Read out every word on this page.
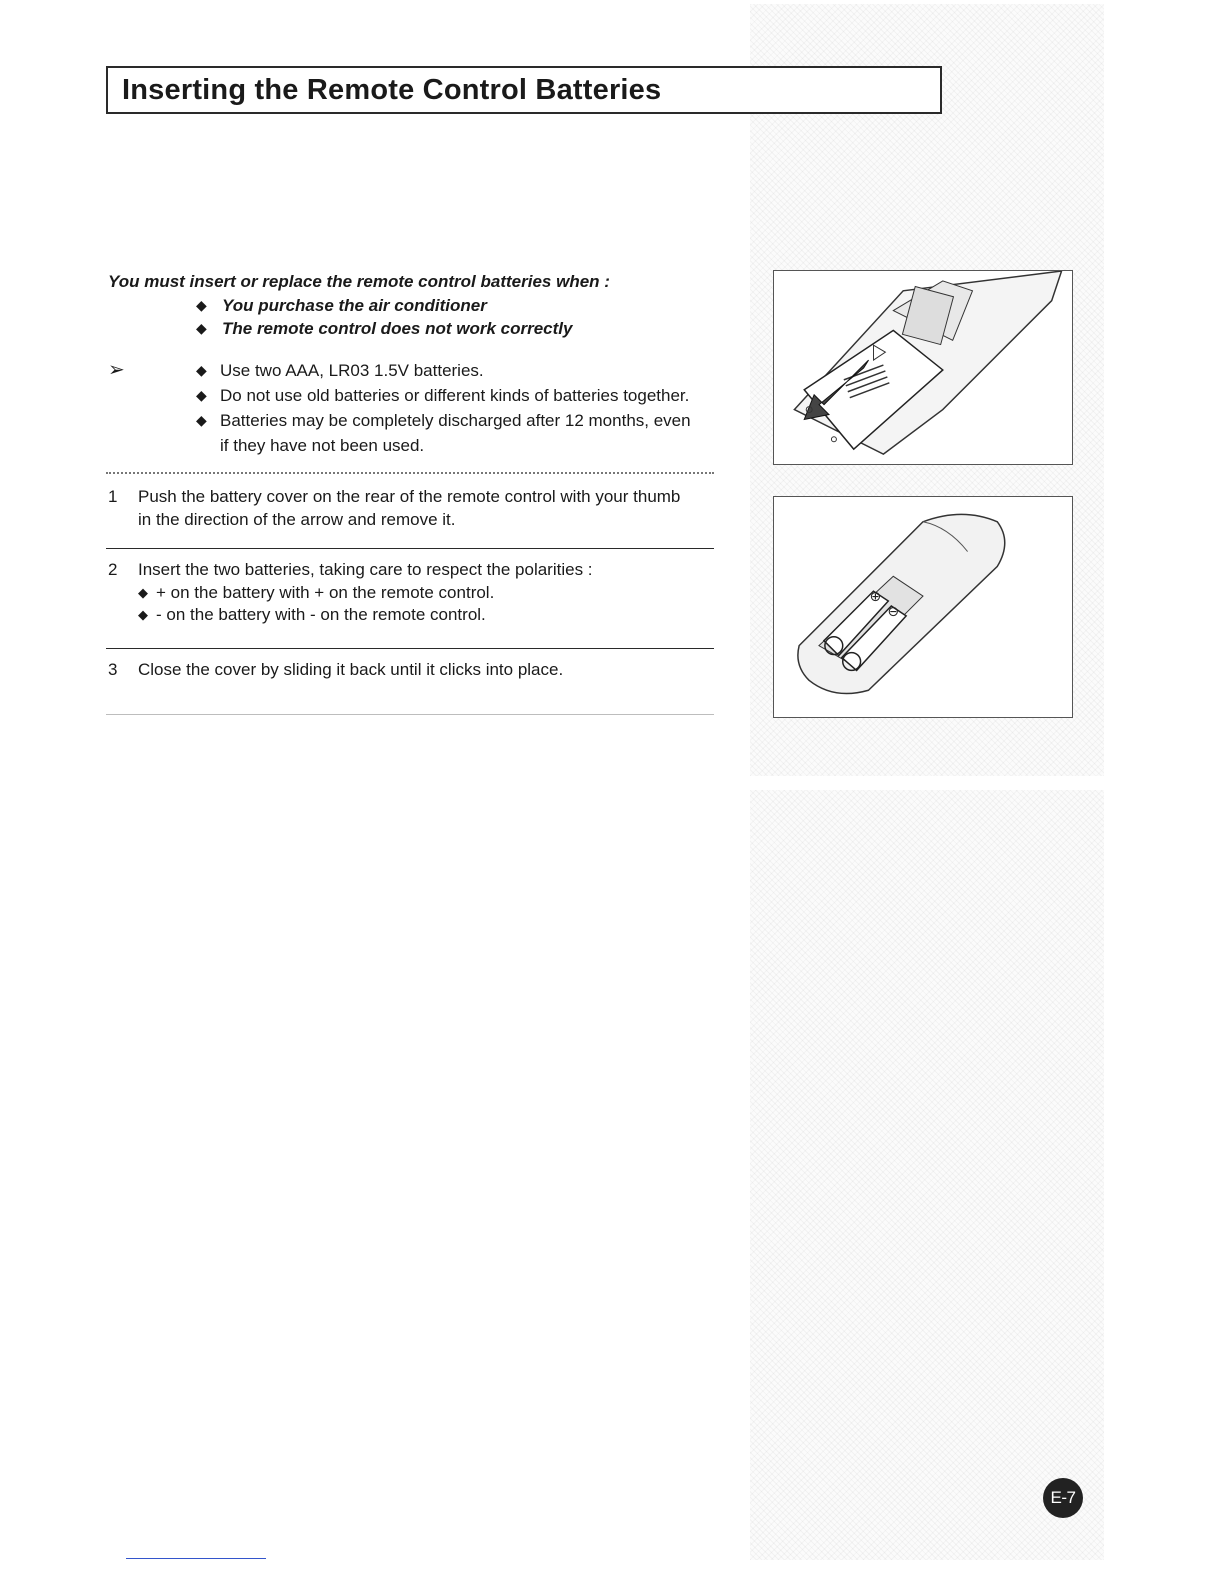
Inserting the Remote Control Batteries

You must insert or replace the remote control batteries when :

◆ You purchase the air conditioner

◆ The remote control does not work correctly

➢	◆ Use two AAA, LR03 1.5V batteries.
◆ Do not use old batteries or different kinds of batteries together.
◆ Batteries may be completely discharged after 12 months, even
if they have not been used.
1 Push the battery cover on the rear of the remote control with your thumb
in the direction of the arrow and remove it.
2 Insert the two batteries, taking care to respect the polarities :
◆ + on the battery with + on the remote control.
◆ - on the battery with - on the remote control.
3 Close the cover by sliding it back until it clicks into place.
⊕
⊖
E-7
